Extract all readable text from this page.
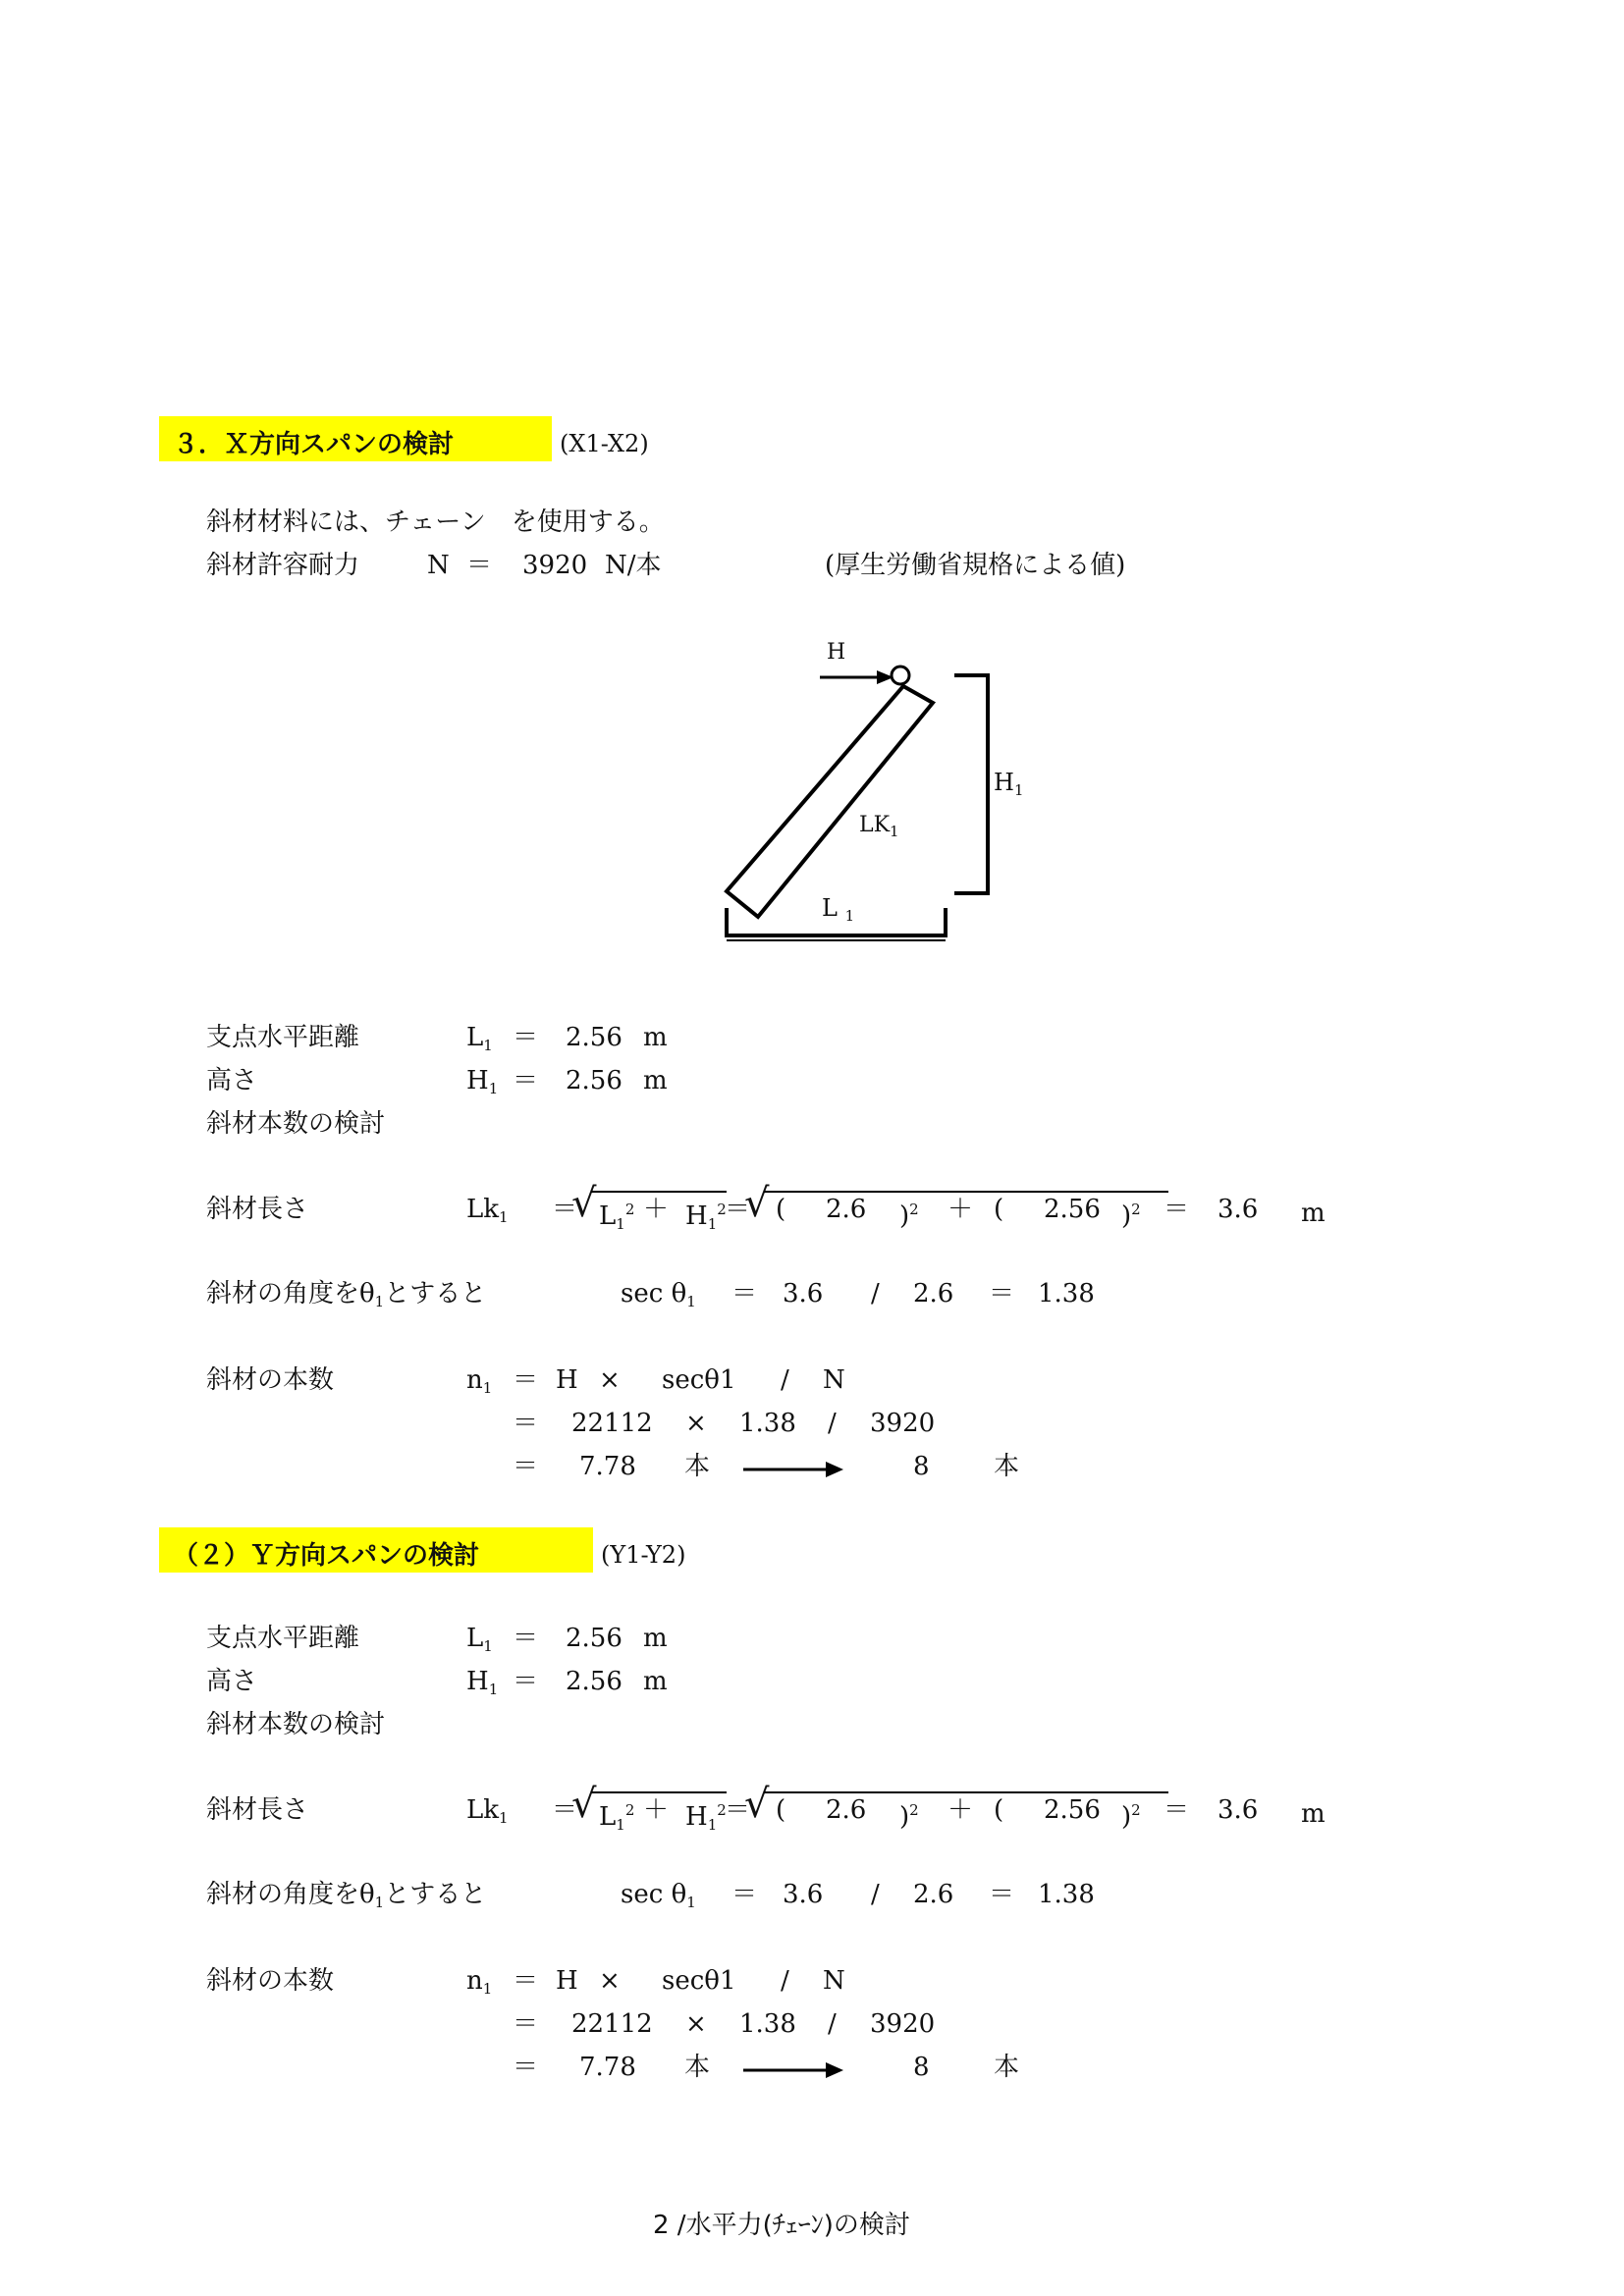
３．Ｘ方向スパンの検討	(X1-X2)
斜材材料には、チェーン　を使用する。
斜材許容耐力	N ＝ 3920 N/本	(厚生労働省規格による値)
H
$H_1$
$LK_1$
L $_1$
支点水平距離	$L_1 = 2.56$ m
高さ	$H_1 = 2.56$ m
斜材本数の検討
斜材長さ	$Lk_1$ ＝
√ $L_1^2 + H_1^2$
＝
√ ( 2.6 )$^2$ ＋ ( 2.56 )$^2$ ＝ 3.6 m
斜材の角度を$\theta_1$とすると	$\sec \theta_1 = 3.6 / 2.6 = 1.38$
斜材の本数	$n_1 = H \times \sec\theta 1 / N$
＝ 22112 × 1.38 / 3920
＝ 7.78 本	8	本
（２）Ｙ方向スパンの検討	(Y1-Y2)
支点水平距離	$L_1 = 2.56$ m
高さ	$H_1 = 2.56$ m
斜材本数の検討
斜材長さ	$Lk_1$ ＝
√ $L_1^2 + H_1^2$
＝
√ ( 2.6 )$^2$ ＋ ( 2.56 )$^2$ ＝ 3.6 m
斜材の角度を$\theta_1$とすると	$\sec \theta_1 = 3.6 / 2.6 = 1.38$
斜材の本数	$n_1 = H \times \sec\theta 1 / N$
＝ 22112 × 1.38 / 3920
＝ 7.78 本	8	本
2 /水平力(ﾁｪｰﾝ)の検討
